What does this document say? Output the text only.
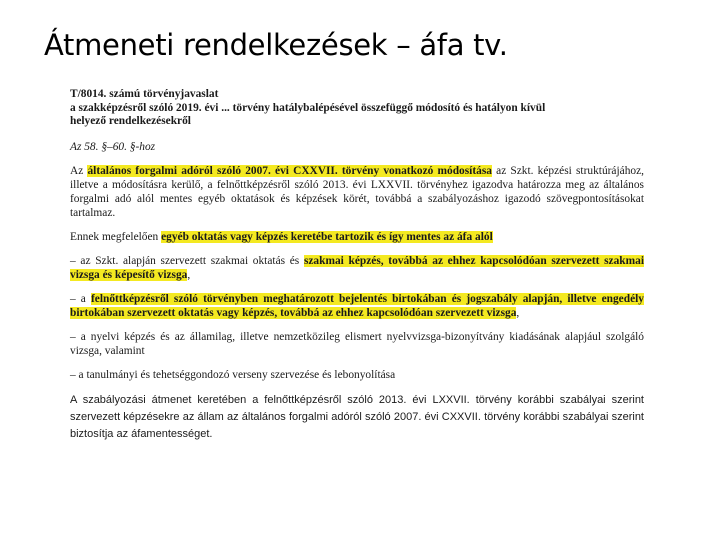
Átmeneti rendelkezések – áfa tv.

T/8014. számú törvényjavaslat

a szakképzésről szóló 2019. évi ... törvény hatálybalépésével összefüggő módosító és hatályon kívül

helyező rendelkezésekről

Az 58. §–60. §-hoz

Az általános forgalmi adóról szóló 2007. évi CXXVII. törvény vonatkozó módosítása az Szkt. képzési struktúrájához, illetve a módosításra kerülő, a felnőttképzésről szóló 2013. évi LXXVII. törvényhez igazodva határozza meg az általános forgalmi adó alól mentes egyéb oktatások és képzések körét, továbbá a szabályozáshoz igazodó szövegpontosításokat tartalmaz.

Ennek megfelelően egyéb oktatás vagy képzés keretébe tartozik és így mentes az áfa alól

– az Szkt. alapján szervezett szakmai oktatás és szakmai képzés, továbbá az ehhez kapcsolódóan szervezett szakmai vizsga és képesítő vizsga,

– a felnőttképzésről szóló törvényben meghatározott bejelentés birtokában és jogszabály alapján, illetve engedély birtokában szervezett oktatás vagy képzés, továbbá az ehhez kapcsolódóan szervezett vizsga,

– a nyelvi képzés és az államilag, illetve nemzetközileg elismert nyelvvizsga-bizonyítvány kiadásának alapjául szolgáló vizsga, valamint

– a tanulmányi és tehetséggondozó verseny szervezése és lebonyolítása

A szabályozási átmenet keretében a felnőttképzésről szóló 2013. évi LXXVII. törvény korábbi szabályai szerint szervezett képzésekre az állam az általános forgalmi adóról szóló 2007. évi CXXVII. törvény korábbi szabályai szerint biztosítja az áfamentességet.
